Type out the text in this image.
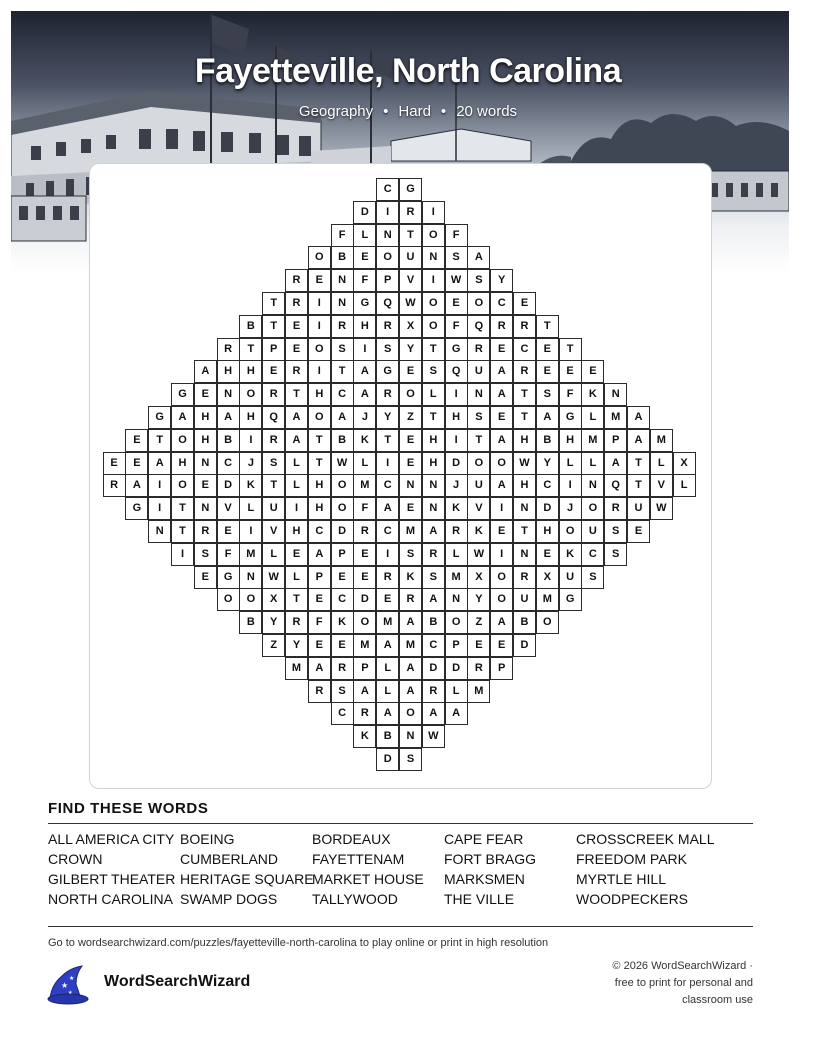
Fayetteville, North Carolina
Geography • Hard • 20 words
C	G
D	I	R	I
F	L	N	T	O	F
O	B	E	O	U	N	S	A
R	E	N	F	P	V	I	W	S	Y
T	R	I	N	G	Q	W	O	E	O	C	E
B	T	E	I	R	H	R	X	O	F	Q	R	R	T
R	T	P	E	O	S	I	S	Y	T	G	R	E	C	E	T
A	H	H	E	R	I	T	A	G	E	S	Q	U	A	R	E	E	E
G	E	N	O	R	T	H	C	A	R	O	L	I	N	A	T	S	F	K	N
G	A	H	A	H	Q	A	O	A	J	Y	Z	T	H	S	E	T	A	G	L	M	A
E	T	O	H	B	I	R	A	T	B	K	T	E	H	I	T	A	H	B	H	M	P	A	M
E	E	A	H	N	C	J	S	L	T	W	L	I	E	H	D	O	O	W	Y	L	L	A	T	L	X
R	A	I	O	E	D	K	T	L	H	O	M	C	N	N	J	U	A	H	C	I	N	Q	T	V	L
G	I	T	N	V	L	U	I	H	O	F	A	E	N	K	V	I	N	D	J	O	R	U	W
N	T	R	E	I	V	H	C	D	R	C	M	A	R	K	E	T	H	O	U	S	E
I	S	F	M	L	E	A	P	E	I	S	R	L	W	I	N	E	K	C	S
E	G	N	W	L	P	E	E	R	K	S	M	X	O	R	X	U	S
O	O	X	T	E	C	D	E	R	A	N	Y	O	U	M	G
B	Y	R	F	K	O	M	A	B	O	Z	A	B	O
Z	Y	E	E	M	A	M	C	P	E	E	D
M	A	R	P	L	A	D	D	R	P
R	S	A	L	A	R	L	M
C	R	A	O	A	A
K	B	N	W
D	S
FIND THESE WORDS
ALL AMERICA CITY
CROWN
GILBERT THEATER
NORTH CAROLINA
BOEING
CUMBERLAND
HERITAGE SQUARE
SWAMP DOGS
BORDEAUX
FAYETTENAM
MARKET HOUSE
TALLYWOOD
CAPE FEAR
FORT BRAGG
MARKSMEN
THE VILLE
CROSSCREEK MALL
FREEDOM PARK
MYRTLE HILL
WOODPECKERS
Go to wordsearchwizard.com/puzzles/fayetteville-north-carolina to play online or print in high resolution
★
★
★
WordSearchWizard
© 2026 WordSearchWizard ·
free to print for personal and
classroom use
